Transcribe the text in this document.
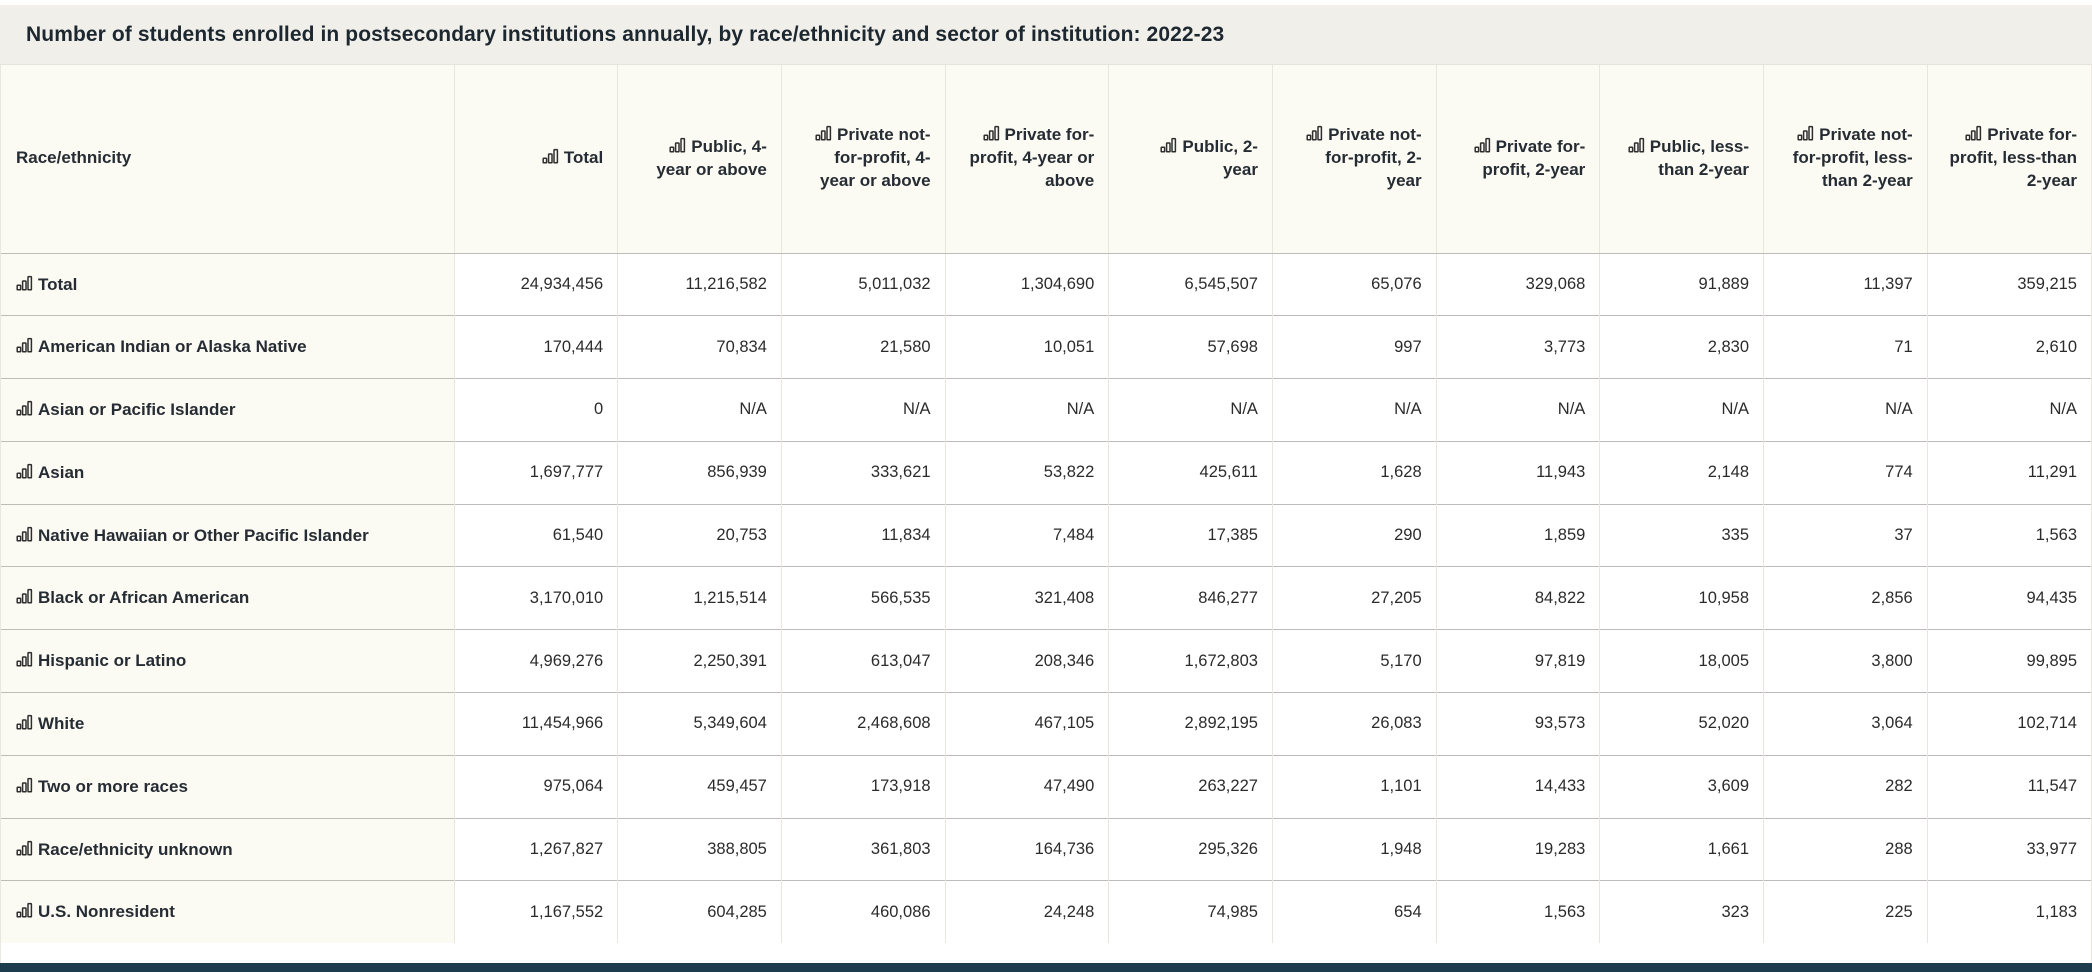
Number of students enrolled in postsecondary institutions annually, by race/ethnicity and sector of institution: 2022-23
Race/ethnicity	Total	Public, 4-year or above	Private not-for-profit, 4-year or above	Private for-profit, 4-year or above	Public, 2-year	Private not-for-profit, 2-year	Private for-profit, 2-year	Public, less-than 2-year	Private not-for-profit, less-than 2-year	Private for-profit, less-than 2-year
Total	24,934,456	11,216,582	5,011,032	1,304,690	6,545,507	65,076	329,068	91,889	11,397	359,215
American Indian or Alaska Native	170,444	70,834	21,580	10,051	57,698	997	3,773	2,830	71	2,610
Asian or Pacific Islander	0	N/A	N/A	N/A	N/A	N/A	N/A	N/A	N/A	N/A
Asian	1,697,777	856,939	333,621	53,822	425,611	1,628	11,943	2,148	774	11,291
Native Hawaiian or Other Pacific Islander	61,540	20,753	11,834	7,484	17,385	290	1,859	335	37	1,563
Black or African American	3,170,010	1,215,514	566,535	321,408	846,277	27,205	84,822	10,958	2,856	94,435
Hispanic or Latino	4,969,276	2,250,391	613,047	208,346	1,672,803	5,170	97,819	18,005	3,800	99,895
White	11,454,966	5,349,604	2,468,608	467,105	2,892,195	26,083	93,573	52,020	3,064	102,714
Two or more races	975,064	459,457	173,918	47,490	263,227	1,101	14,433	3,609	282	11,547
Race/ethnicity unknown	1,267,827	388,805	361,803	164,736	295,326	1,948	19,283	1,661	288	33,977
U.S. Nonresident	1,167,552	604,285	460,086	24,248	74,985	654	1,563	323	225	1,183
